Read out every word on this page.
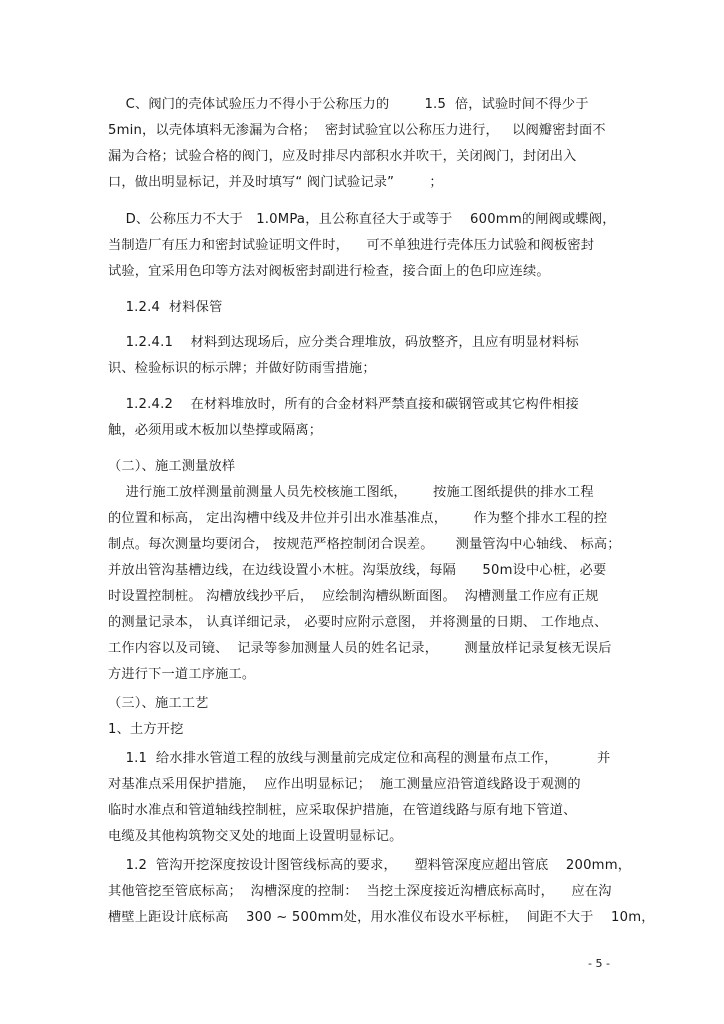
C、阀门的壳体试验压力不得小于公称压力的        1.5  倍，试验时间不得少于
5min，以壳体填料无渗漏为合格；  密封试验宜以公称压力进行，   以阀瓣密封面不
漏为合格；试验合格的阀门，应及时排尽内部积水并吹干，关闭阀门，封闭出入
口，做出明显标记，并及时填写“ 阀门试验记录”        ；
D、公称压力不大于   1.0MPa，且公称直径大于或等于    600mm的闸阀或蝶阀，
当制造厂有压力和密封试验证明文件时，    可不单独进行壳体压力试验和阀板密封
试验，宜采用色印等方法对阀板密封副进行检查，接合面上的色印应连续。
1.2.4  材料保管
1.2.4.1    材料到达现场后，应分类合理堆放，码放整齐，且应有明显材料标
识、检验标识的标示牌；并做好防雨雪措施；
1.2.4.2    在材料堆放时，所有的合金材料严禁直接和碳钢管或其它构件相接
触，必须用或木板加以垫撑或隔离；
（二）、施工测量放样
进行施工放样测量前测量人员先校核施工图纸，      按施工图纸提供的排水工程
的位置和标高， 定出沟槽中线及井位并引出水准基准点，      作为整个排水工程的控
制点。每次测量均要闭合， 按规范严格控制闭合误差。     测量管沟中心轴线、 标高；
并放出管沟基槽边线，在边线设置小木桩。沟渠放线，每隔      50m设中心桩，必要
时设置控制桩。 沟槽放线抄平后，  应绘制沟槽纵断面图。  沟槽测量工作应有正规
的测量记录本， 认真详细记录， 必要时应附示意图， 并将测量的日期、 工作地点、
工作内容以及司镜、  记录等参加测量人员的姓名记录，      测量放样记录复核无误后
方进行下一道工序施工。
（三）、施工工艺
1、土方开挖
1.1  给水排水管道工程的放线与测量前完成定位和高程的测量布点工作，         并
对基准点采用保护措施，  应作出明显标记；  施工测量应沿管道线路设于观测的
临时水准点和管道轴线控制桩，应采取保护措施，在管道线路与原有地下管道、
电缆及其他构筑物交叉处的地面上设置明显标记。
1.2  管沟开挖深度按设计图管线标高的要求，    塑料管深度应超出管底    200mm，
其他管挖至管底标高；  沟槽深度的控制：  当挖土深度接近沟槽底标高时，    应在沟
槽壁上距设计底标高    300 ~ 500mm处，用水准仪布设水平标桩，  间距不大于    10m，
- 5 -
